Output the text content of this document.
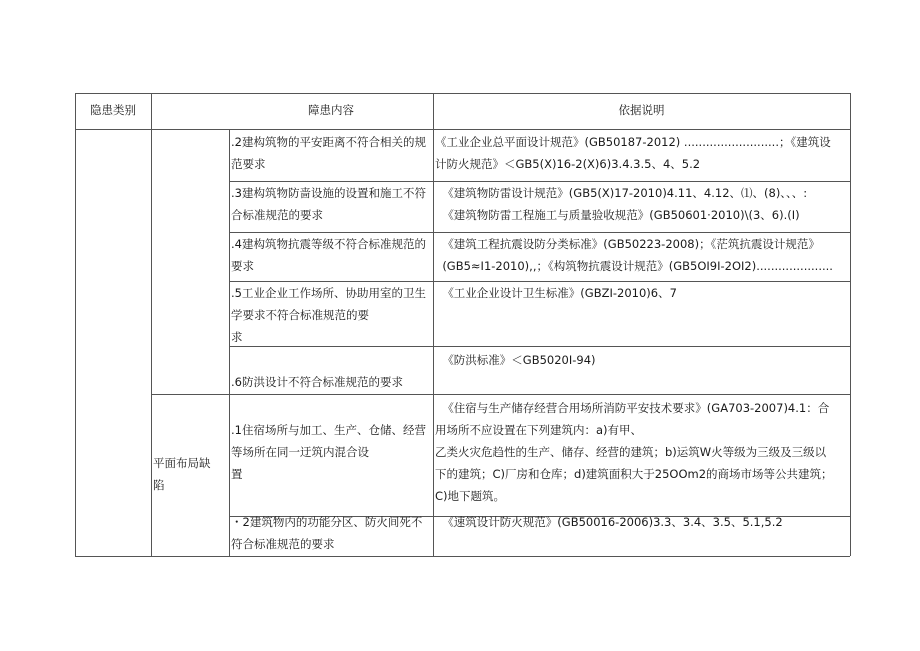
隐患类别	障患内容	依据说明
平面布局缺
陷
.2建构筑物的平安距离不符合相关的规
范要求
《工业企业总平面设计规范》(GB50187-2012) ..........................；《建筑设
计防火规范》＜GB5(X)16-2(X)6)3.4.3.5、4、5.2
.3建构筑物防啬设施的设置和施工不符
合标准规范的要求
《建筑物防雷设计规范》(GB5(X)17-2010)4.11、4.12、⑴、(8)、、、:
《建筑物防雷工程施工与质量验收规范》(GB50601·2010)\(3、6).(I)
.4建构筑物抗震等级不符合标准规范的
要求
《建筑工程抗震设防分类标准》(GB50223-2008)；《茫筑抗震设计规范》
(GB5≈I1-2010),,；《构筑物抗震设计规范》(GB5OI9I-2OI2).....................
.5工业企业工作场所、协助用室的卫生
学要求不符合标准规范的要
求
《工业企业设计卫生标准》(GBZI-2010)6、7

.6防洪设计不符合标准规范的要求
《防洪标准》＜GB5020I-94)
.1住宿场所与加工、生产、仓储、经营
等场所在同一迂筑内混合设
置
《住宿与生产储存经营合用场所消防平安技术要求》(GA703-2007)4.1：合
用场所不应设置在下列建筑内：a)有甲、
乙类火灾危趋性的生产、储存、经营的建筑；b)运筑W火等级为三级及三级以
下的建筑；C)厂房和仓库；d)建筑面积大于25OOm2的商场市场等公共建筑；
C)地下题筑。
・2建筑物内的功能分区、防火间死不
符合标准规范的要求
《速筑设计防火规范》(GB50016-2006)3.3、3.4、3.5、5.1,5.2
